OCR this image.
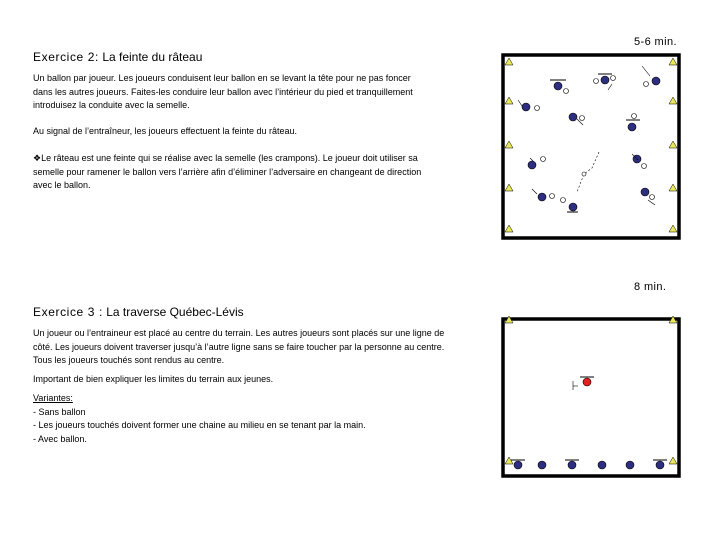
Exercice 2: La feinte du râteau
5-6 min.
Un ballon par joueur. Les joueurs conduisent leur ballon en se levant la tête pour ne pas foncer dans les autres joueurs. Faites-les conduire leur ballon avec l’intérieur du pied et tranquillement introduisez la conduite avec la semelle.
Au signal de l’entraîneur, les joueurs effectuent la feinte du râteau.
❖Le râteau est une feinte qui se réalise avec la semelle (les crampons). Le joueur doit utiliser sa semelle pour ramener le ballon vers l’arrière afin d’éliminer l’adversaire en changeant de direction avec le ballon.
8 min.
Exercice 3 : La traverse Québec-Lévis
Un joueur ou l’entraineur est placé au centre du terrain. Les autres joueurs sont placés sur une ligne de côté. Les joueurs doivent traverser jusqu’à l’autre ligne sans se faire toucher par la personne au centre. Tous les joueurs touchés sont rendus au centre.
Important de bien expliquer les limites du terrain aux jeunes.
Variantes:
- Sans ballon
- Les joueurs touchés doivent former une chaine au milieu en se tenant par la main.
- Avec ballon.
